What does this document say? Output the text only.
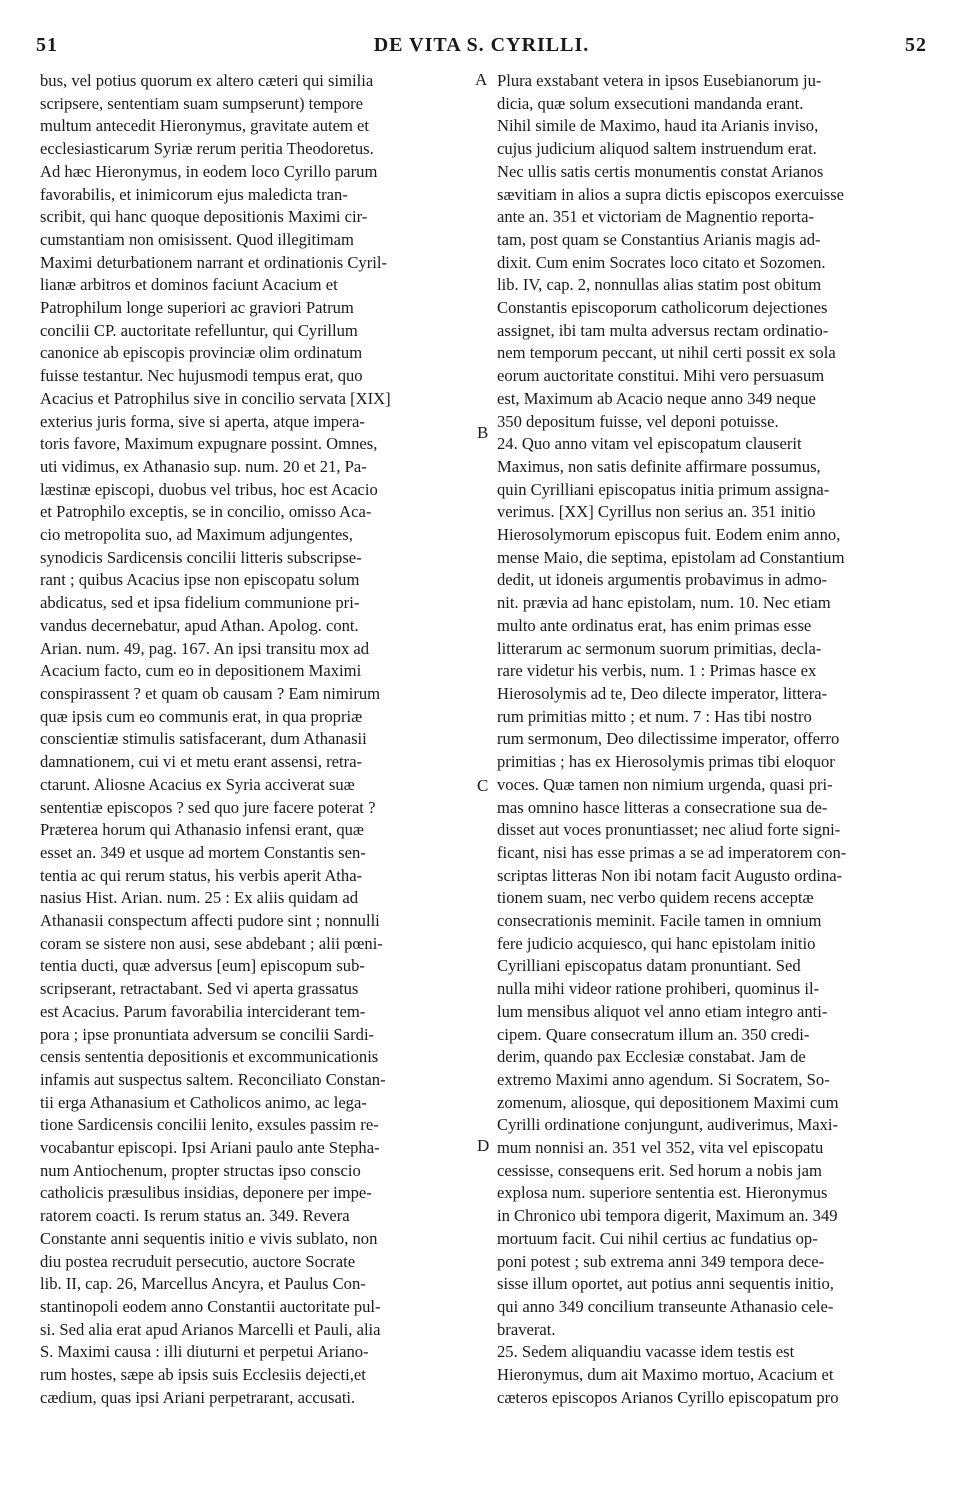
51	DE VITA S. CYRILLI.	52
bus, vel potius quorum ex altero cæteri qui similia
scripsere, sententiam suam sumpserunt) tempore
multum antecedit Hieronymus, gravitate autem et
ecclesiasticarum Syriæ rerum peritia Theodoretus.
Ad hæc Hieronymus, in eodem loco Cyrillo parum
favorabilis, et inimicorum ejus maledicta tran-
scribit, qui hanc quoque depositionis Maximi cir-
cumstantiam non omisissent. Quod illegitimam
Maximi deturbationem narrant et ordinationis Cyril-
lianæ arbitros et dominos faciunt Acacium et
Patrophilum longe superiori ac graviori Patrum
concilii CP. auctoritate refelluntur, qui Cyrillum
canonice ab episcopis provinciæ olim ordinatum
fuisse testantur. Nec hujusmodi tempus erat, quo
Acacius et Patrophilus sive in concilio servata [XIX]
exterius juris forma, sive si aperta, atque impera-
toris favore, Maximum expugnare possint. Omnes,
uti vidimus, ex Athanasio sup. num. 20 et 21, Pa-
læstinæ episcopi, duobus vel tribus, hoc est Acacio
et Patrophilo exceptis, se in concilio, omisso Aca-
cio metropolita suo, ad Maximum adjungentes,
synodicis Sardicensis concilii litteris subscripse-
rant ; quibus Acacius ipse non episcopatu solum
abdicatus, sed et ipsa fidelium communione pri-
vandus decernebatur, apud Athan. Apolog. cont.
Arian. num. 49, pag. 167. An ipsi transitu mox ad
Acacium facto, cum eo in depositionem Maximi
conspirassent ? et quam ob causam ? Eam nimirum
quæ ipsis cum eo communis erat, in qua propriæ
conscientiæ stimulis satisfacerant, dum Athanasii
damnationem, cui vi et metu erant assensi, retra-
ctarunt. Aliosne Acacius ex Syria acciverat suæ
sententiæ episcopos ? sed quo jure facere poterat ?
Præterea horum qui Athanasio infensi erant, quæ
esset an. 349 et usque ad mortem Constantis sen-
tentia ac qui rerum status, his verbis aperit Atha-
nasius Hist. Arian. num. 25 : Ex aliis quidam ad
Athanasii conspectum affecti pudore sint ; nonnulli
coram se sistere non ausi, sese abdebant ; alii pœni-
tentia ducti, quæ adversus [eum] episcopum sub-
scripserant, retractabant. Sed vi aperta grassatus
est Acacius. Parum favorabilia interciderant tem-
pora ; ipse pronuntiata adversum se concilii Sardi-
censis sententia depositionis et excommunicationis
infamis aut suspectus saltem. Reconciliato Constan-
tii erga Athanasium et Catholicos animo, ac lega-
tione Sardicensis concilii lenito, exsules passim re-
vocabantur episcopi. Ipsi Ariani paulo ante Stepha-
num Antiochenum, propter structas ipso conscio
catholicis præsulibus insidias, deponere per impe-
ratorem coacti. Is rerum status an. 349. Revera
Constante anni sequentis initio e vivis sublato, non
diu postea recruduit persecutio, auctore Socrate
lib. II, cap. 26, Marcellus Ancyra, et Paulus Con-
stantinopoli eodem anno Constantii auctoritate pul-
si. Sed alia erat apud Arianos Marcelli et Pauli, alia
S. Maximi causa : illi diuturni et perpetui Ariano-
rum hostes, sæpe ab ipsis suis Ecclesiis dejecti,et
cædium, quas ipsi Ariani perpetrarant, accusati.
Plura exstabant vetera in ipsos Eusebianorum ju-
dicia, quæ solum exsecutioni mandanda erant.
Nihil simile de Maximo, haud ita Arianis inviso,
cujus judicium aliquod saltem instruendum erat.
Nec ullis satis certis monumentis constat Arianos
sævitiam in alios a supra dictis episcopos exercuisse
ante an. 351 et victoriam de Magnentio reporta-
tam, post quam se Constantius Arianis magis ad-
dixit. Cum enim Socrates loco citato et Sozomen.
lib. IV, cap. 2, nonnullas alias statim post obitum
Constantis episcoporum catholicorum dejectiones
assignet, ibi tam multa adversus rectam ordinatio-
nem temporum peccant, ut nihil certi possit ex sola
eorum auctoritate constitui. Mihi vero persuasum
est, Maximum ab Acacio neque anno 349 neque
350 depositum fuisse, vel deponi potuisse.
24. Quo anno vitam vel episcopatum clauserit
Maximus, non satis definite affirmare possumus,
quin Cyrilliani episcopatus initia primum assigna-
verimus. [XX] Cyrillus non serius an. 351 initio
Hierosolymorum episcopus fuit. Eodem enim anno,
mense Maio, die septima, epistolam ad Constantium
dedit, ut idoneis argumentis probavimus in admo-
nit. prævia ad hanc epistolam, num. 10. Nec etiam
multo ante ordinatus erat, has enim primas esse
litterarum ac sermonum suorum primitias, decla-
rare videtur his verbis, num. 1 : Primas hasce ex
Hierosolymis ad te, Deo dilecte imperator, littera-
rum primitias mitto ; et num. 7 : Has tibi nostro
rum sermonum, Deo dilectissime imperator, offerro
primitias ; has ex Hierosolymis primas tibi eloquor
voces. Quæ tamen non nimium urgenda, quasi pri-
mas omnino hasce litteras a consecratione sua de-
disset aut voces pronuntiasset; nec aliud forte signi-
ficant, nisi has esse primas a se ad imperatorem con-
scriptas litteras Non ibi notam facit Augusto ordina-
tionem suam, nec verbo quidem recens acceptæ
consecrationis meminit. Facile tamen in omnium
fere judicio acquiesco, qui hanc epistolam initio
Cyrilliani episcopatus datam pronuntiant. Sed
nulla mihi videor ratione prohiberi, quominus il-
lum mensibus aliquot vel anno etiam integro anti-
cipem. Quare consecratum illum an. 350 credi-
derim, quando pax Ecclesiæ constabat. Jam de
extremo Maximi anno agendum. Si Socratem, So-
zomenum, aliosque, qui depositionem Maximi cum
Cyrilli ordinatione conjungunt, audiverimus, Maxi-
mum nonnisi an. 351 vel 352, vita vel episcopatu
cessisse, consequens erit. Sed horum a nobis jam
explosa num. superiore sententia est. Hieronymus
in Chronico ubi tempora digerit, Maximum an. 349
mortuum facit. Cui nihil certius ac fundatius op-
poni potest ; sub extrema anni 349 tempora dece-
sisse illum oportet, aut potius anni sequentis initio,
qui anno 349 concilium transeunte Athanasio cele-
braverat.
25. Sedem aliquandiu vacasse idem testis est
Hieronymus, dum ait Maximo mortuo, Acacium et
cæteros episcopos Arianos Cyrillo episcopatum pro
A
B
C
D
